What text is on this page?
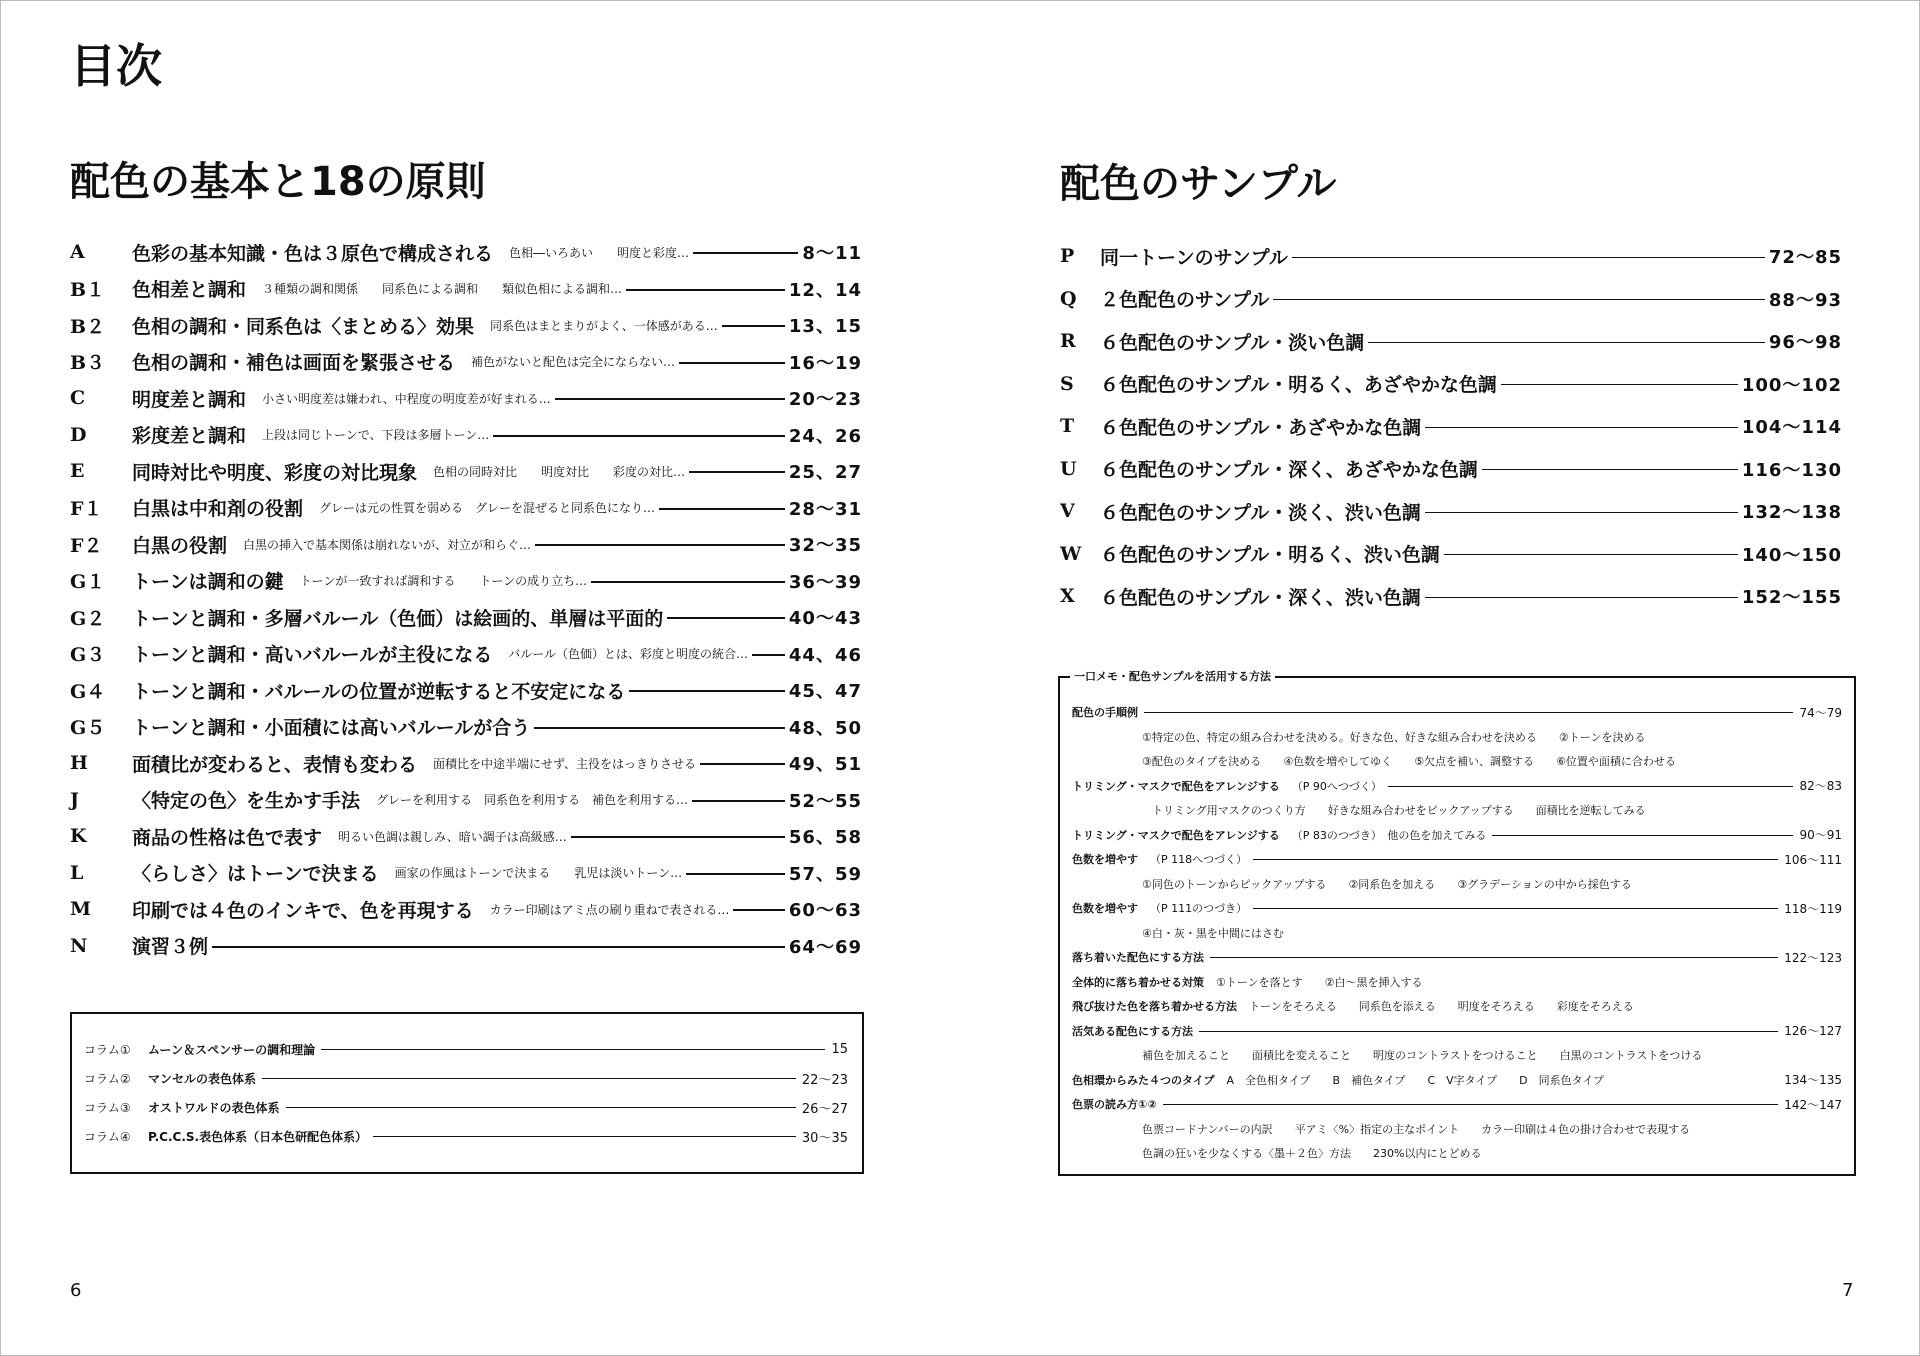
目次
配色の基本と18の原則
A	色彩の基本知識・色は３原色で構成される 色相―いろあい　　明度と彩度…	8〜11
B１	色相差と調和 ３種類の調和関係　　同系色による調和　　類似色相による調和…	12、14
B２	色相の調和・同系色は〈まとめる〉効果 同系色はまとまりがよく、一体感がある…	13、15
B３	色相の調和・補色は画面を緊張させる 補色がないと配色は完全にならない…	16〜19
C	明度差と調和 小さい明度差は嫌われ、中程度の明度差が好まれる…	20〜23
D	彩度差と調和 上段は同じトーンで、下段は多層トーン…	24、26
E	同時対比や明度、彩度の対比現象 色相の同時対比　　明度対比　　彩度の対比…	25、27
F１	白黒は中和剤の役割 グレーは元の性質を弱める　グレーを混ぜると同系色になり…	28〜31
F２	白黒の役割 白黒の挿入で基本関係は崩れないが、対立が和らぐ…	32〜35
G１	トーンは調和の鍵 トーンが一致すれば調和する　　トーンの成り立ち…	36〜39
G２	トーンと調和・多層バルール（色価）は絵画的、単層は平面的	40〜43
G３	トーンと調和・高いバルールが主役になる バルール（色価）とは、彩度と明度の統合… 44、46
G４	トーンと調和・バルールの位置が逆転すると不安定になる	45、47
G５	トーンと調和・小面積には高いバルールが合う	48、50
H	面積比が変わると、表情も変わる 面積比を中途半端にせず、主役をはっきりさせる	49、51
J	〈特定の色〉を生かす手法 グレーを利用する　同系色を利用する　補色を利用する…	52〜55
K	商品の性格は色で表す 明るい色調は親しみ、暗い調子は高級感…	56、58
L	〈らしさ〉はトーンで決まる 画家の作風はトーンで決まる　　乳児は淡いトーン…	57、59
M	印刷では４色のインキで、色を再現する カラー印刷はアミ点の刷り重ねで表される…	60〜63
N	演習３例	64〜69
コラム①	ムーン＆スペンサーの調和理論	15
コラム②	マンセルの表色体系	22〜23
コラム③	オストワルドの表色体系	26〜27
コラム④	P.C.C.S.表色体系（日本色研配色体系）	30〜35
6
配色のサンプル
P	同一トーンのサンプル	72〜85
Q	２色配色のサンプル	88〜93
R	６色配色のサンプル・淡い色調	96〜98
S	６色配色のサンプル・明るく、あざやかな色調	100〜102
T	６色配色のサンプル・あざやかな色調	104〜114
U	６色配色のサンプル・深く、あざやかな色調	116〜130
V	６色配色のサンプル・淡く、渋い色調	132〜138
W ６色配色のサンプル・明るく、渋い色調	140〜150
X	６色配色のサンプル・深く、渋い色調	152〜155
一口メモ・配色サンプルを活用する方法
配色の手順例	74〜79
①特定の色、特定の組み合わせを決める。好きな色、好きな組み合わせを決める ②トーンを決める
③配色のタイプを決める ④色数を増やしてゆく ⑤欠点を補い、調整する ⑥位置や面積に合わせる
トリミング・マスクで配色をアレンジする （P 90へつづく）	82〜83
トリミング用マスクのつくり方 好きな組み合わせをピックアップする 面積比を逆転してみる
トリミング・マスクで配色をアレンジする （P 83のつづき）　他の色を加えてみる	90〜91
色数を増やす （P 118へつづく）	106〜111
①同色のトーンからピックアップする ②同系色を加える ③グラデーションの中から採色する
色数を増やす （P 111のつづき）	118〜119
④白・灰・黒を中間にはさむ
落ち着いた配色にする方法	122〜123
全体的に落ち着かせる対策 ①トーンを落とす ②白〜黒を挿入する
飛び抜けた色を落ち着かせる方法 トーンをそろえる 同系色を添える 明度をそろえる 彩度をそろえる
活気ある配色にする方法	126〜127
補色を加えること 面積比を変えること 明度のコントラストをつけること 白黒のコントラストをつける
色相環からみた４つのタイプ A　全色相タイプ B　補色タイプ C　V字タイプ D　同系色タイプ	134〜135
色票の読み方①②	142〜147
色票コードナンバーの内訳 平アミ〈%〉指定の主なポイント カラー印刷は４色の掛け合わせで表現する
色調の狂いを少なくする〈墨＋２色〉方法 230%以内にとどめる
7
